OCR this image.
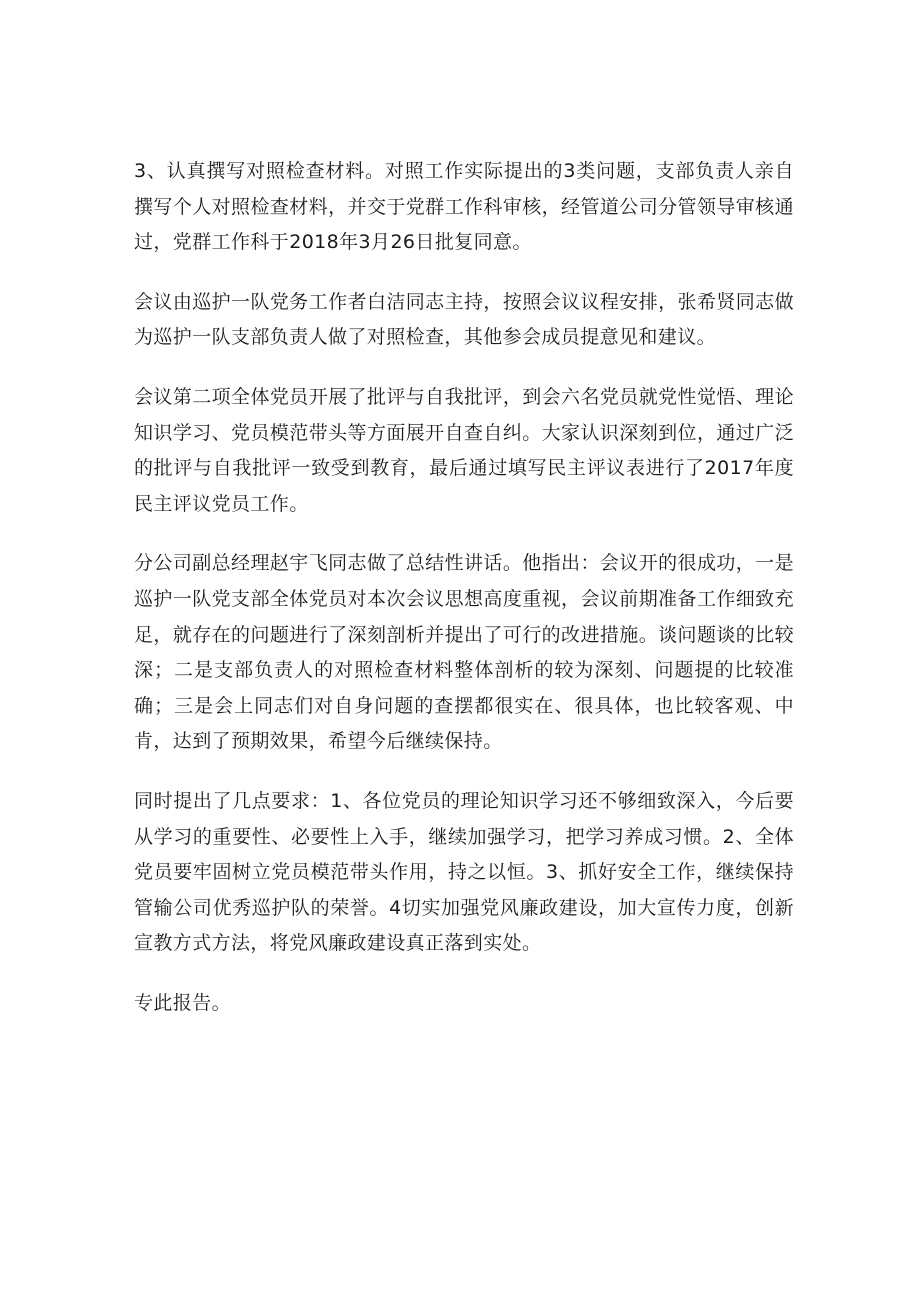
3、认真撰写对照检查材料。对照工作实际提出的3类问题，支部负责人亲自撰写个人对照检查材料，并交于党群工作科审核，经管道公司分管领导审核通过，党群工作科于2018年3月26日批复同意。

会议由巡护一队党务工作者白洁同志主持，按照会议议程安排，张希贤同志做为巡护一队支部负责人做了对照检查，其他参会成员提意见和建议。

会议第二项全体党员开展了批评与自我批评，到会六名党员就党性觉悟、理论知识学习、党员模范带头等方面展开自查自纠。大家认识深刻到位，通过广泛的批评与自我批评一致受到教育，最后通过填写民主评议表进行了2017年度民主评议党员工作。

分公司副总经理赵宇飞同志做了总结性讲话。他指出：会议开的很成功，一是巡护一队党支部全体党员对本次会议思想高度重视，会议前期准备工作细致充足，就存在的问题进行了深刻剖析并提出了可行的改进措施。谈问题谈的比较深；二是支部负责人的对照检查材料整体剖析的较为深刻、问题提的比较准确；三是会上同志们对自身问题的查摆都很实在、很具体，也比较客观、中肯，达到了预期效果，希望今后继续保持。

同时提出了几点要求：1、各位党员的理论知识学习还不够细致深入，今后要从学习的重要性、必要性上入手，继续加强学习，把学习养成习惯。2、全体党员要牢固树立党员模范带头作用，持之以恒。3、抓好安全工作，继续保持管输公司优秀巡护队的荣誉。4切实加强党风廉政建设，加大宣传力度，创新宣教方式方法，将党风廉政建设真正落到实处。

专此报告。
